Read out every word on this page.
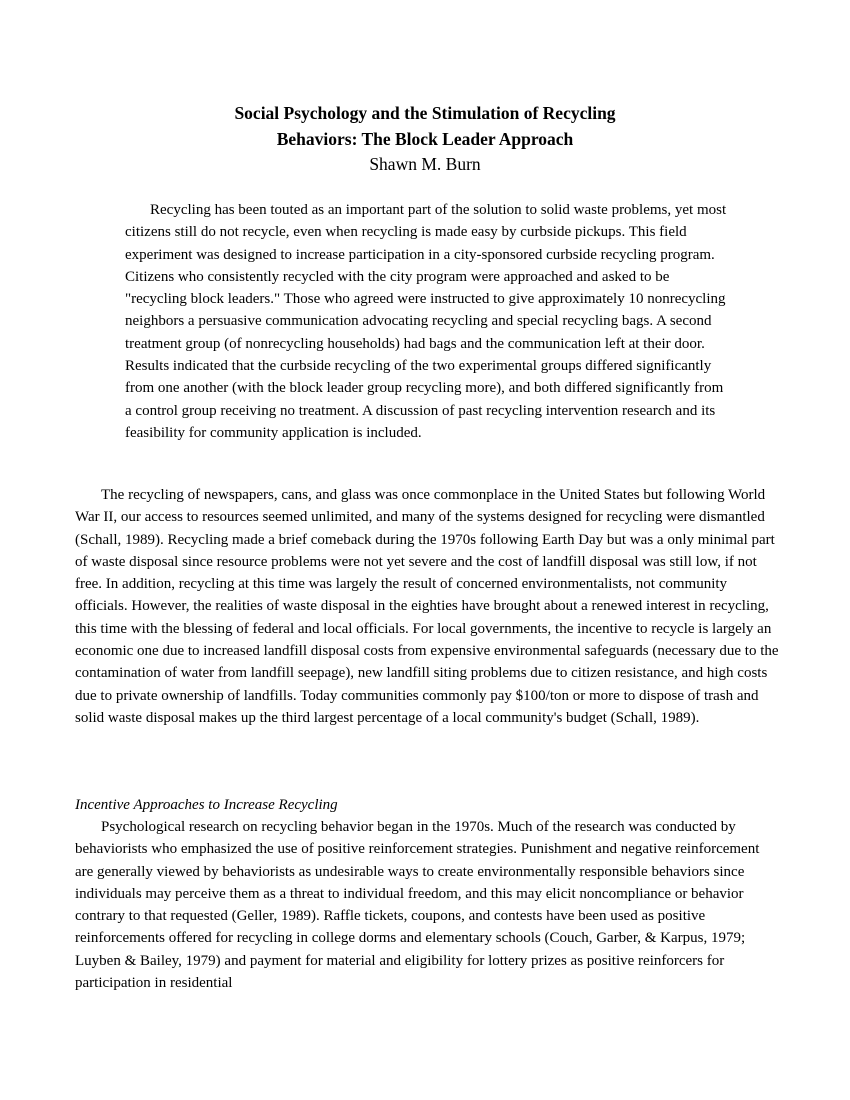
Social Psychology and the Stimulation of Recycling
Behaviors: The Block Leader Approach
Shawn M. Burn

Recycling has been touted as an important part of the solution to solid waste problems, yet most citizens still do not recycle, even when recycling is made easy by curbside pickups. This field experiment was designed to increase participation in a city-sponsored curbside recycling program. Citizens who consistently recycled with the city program were approached and asked to be "recycling block leaders." Those who agreed were instructed to give approximately 10 nonrecycling neighbors a persuasive communication advocating recycling and special recycling bags. A second treatment group (of nonrecycling households) had bags and the communication left at their door. Results indicated that the curbside recycling of the two experimental groups differed significantly from one another (with the block leader group recycling more), and both differed significantly from a control group receiving no treatment. A discussion of past recycling intervention research and its feasibility for community application is included.

The recycling of newspapers, cans, and glass was once commonplace in the United States but following World War II, our access to resources seemed unlimited, and many of the systems designed for recycling were dismantled (Schall, 1989). Recycling made a brief comeback during the 1970s following Earth Day but was a only minimal part of waste disposal since resource problems were not yet severe and the cost of landfill disposal was still low, if not free. In addition, recycling at this time was largely the result of concerned environmentalists, not community officials. However, the realities of waste disposal in the eighties have brought about a renewed interest in recycling, this time with the blessing of federal and local officials. For local governments, the incentive to recycle is largely an economic one due to increased landfill disposal costs from expensive environmental safeguards (necessary due to the contamination of water from landfill seepage), new landfill siting problems due to citizen resistance, and high costs due to private ownership of landfills. Today communities commonly pay $100/ton or more to dispose of trash and solid waste disposal makes up the third largest percentage of a local community's budget (Schall, 1989).

Incentive Approaches to Increase Recycling

Psychological research on recycling behavior began in the 1970s. Much of the research was conducted by behaviorists who emphasized the use of positive reinforcement strategies. Punishment and negative reinforcement are generally viewed by behaviorists as undesirable ways to create environmentally responsible behaviors since individuals may perceive them as a threat to individual freedom, and this may elicit noncompliance or behavior contrary to that requested (Geller, 1989). Raffle tickets, coupons, and contests have been used as positive reinforcements offered for recycling in college dorms and elementary schools (Couch, Garber, & Karpus, 1979; Luyben & Bailey, 1979) and payment for material and eligibility for lottery prizes as positive reinforcers for participation in residential
